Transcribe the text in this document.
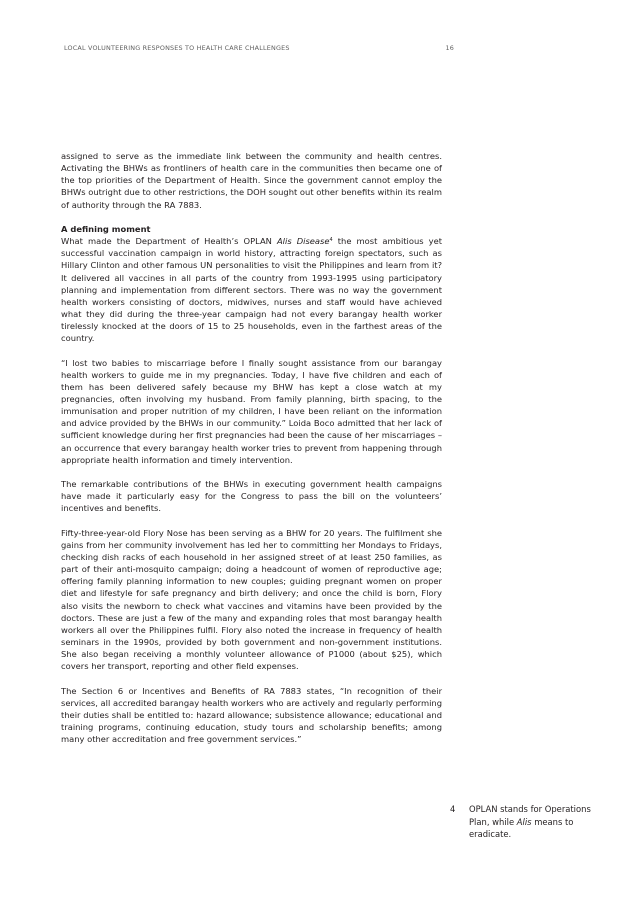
LOCAL VOLUNTEERING RESPONSES TO HEALTH CARE CHALLENGES	16

assigned to serve as the immediate link between the community and health centres. Activating the BHWs as frontliners of health care in the communities then became one of the top priorities of the Department of Health. Since the government cannot employ the BHWs outright due to other restrictions, the DOH sought out other benefits within its realm of authority through the RA 7883.

A defining moment

What made the Department of Health’s OPLAN Alis Disease$^4$ the most ambitious yet successful vaccination campaign in world history, attracting foreign spectators, such as Hillary Clinton and other famous UN personalities to visit the Philippines and learn from it? It delivered all vaccines in all parts of the country from 1993-1995 using participatory planning and implementation from different sectors. There was no way the government health workers consisting of doctors, midwives, nurses and staff would have achieved what they did during the three-year campaign had not every barangay health worker tirelessly knocked at the doors of 15 to 25 households, even in the farthest areas of the country.

“I lost two babies to miscarriage before I finally sought assistance from our barangay health workers to guide me in my pregnancies. Today, I have five children and each of them has been delivered safely because my BHW has kept a close watch at my pregnancies, often involving my husband. From family planning, birth spacing, to the immunisation and proper nutrition of my children, I have been reliant on the information and advice provided by the BHWs in our community.” Loida Boco admitted that her lack of sufficient knowledge during her first pregnancies had been the cause of her miscarriages – an occurrence that every barangay health worker tries to prevent from happening through appropriate health information and timely intervention.

The remarkable contributions of the BHWs in executing government health campaigns have made it particularly easy for the Congress to pass the bill on the volunteers’ incentives and benefits.

Fifty-three-year-old Flory Nose has been serving as a BHW for 20 years. The fulfilment she gains from her community involvement has led her to committing her Mondays to Fridays, checking dish racks of each household in her assigned street of at least 250 families, as part of their anti-mosquito campaign; doing a headcount of women of reproductive age; offering family planning information to new couples; guiding pregnant women on proper diet and lifestyle for safe pregnancy and birth delivery; and once the child is born, Flory also visits the newborn to check what vaccines and vitamins have been provided by the doctors. These are just a few of the many and expanding roles that most barangay health workers all over the Philippines fulfil. Flory also noted the increase in frequency of health seminars in the 1990s, provided by both government and non-government institutions. She also began receiving a monthly volunteer allowance of P1000 (about $25), which covers her transport, reporting and other field expenses.

The Section 6 or Incentives and Benefits of RA 7883 states, “In recognition of their services, all accredited barangay health workers who are actively and regularly performing their duties shall be entitled to: hazard allowance; subsistence allowance; educational and training programs, continuing education, study tours and scholarship benefits; among many other accreditation and free government services.”

4 OPLAN stands for Operations Plan, while Alis means to eradicate.
